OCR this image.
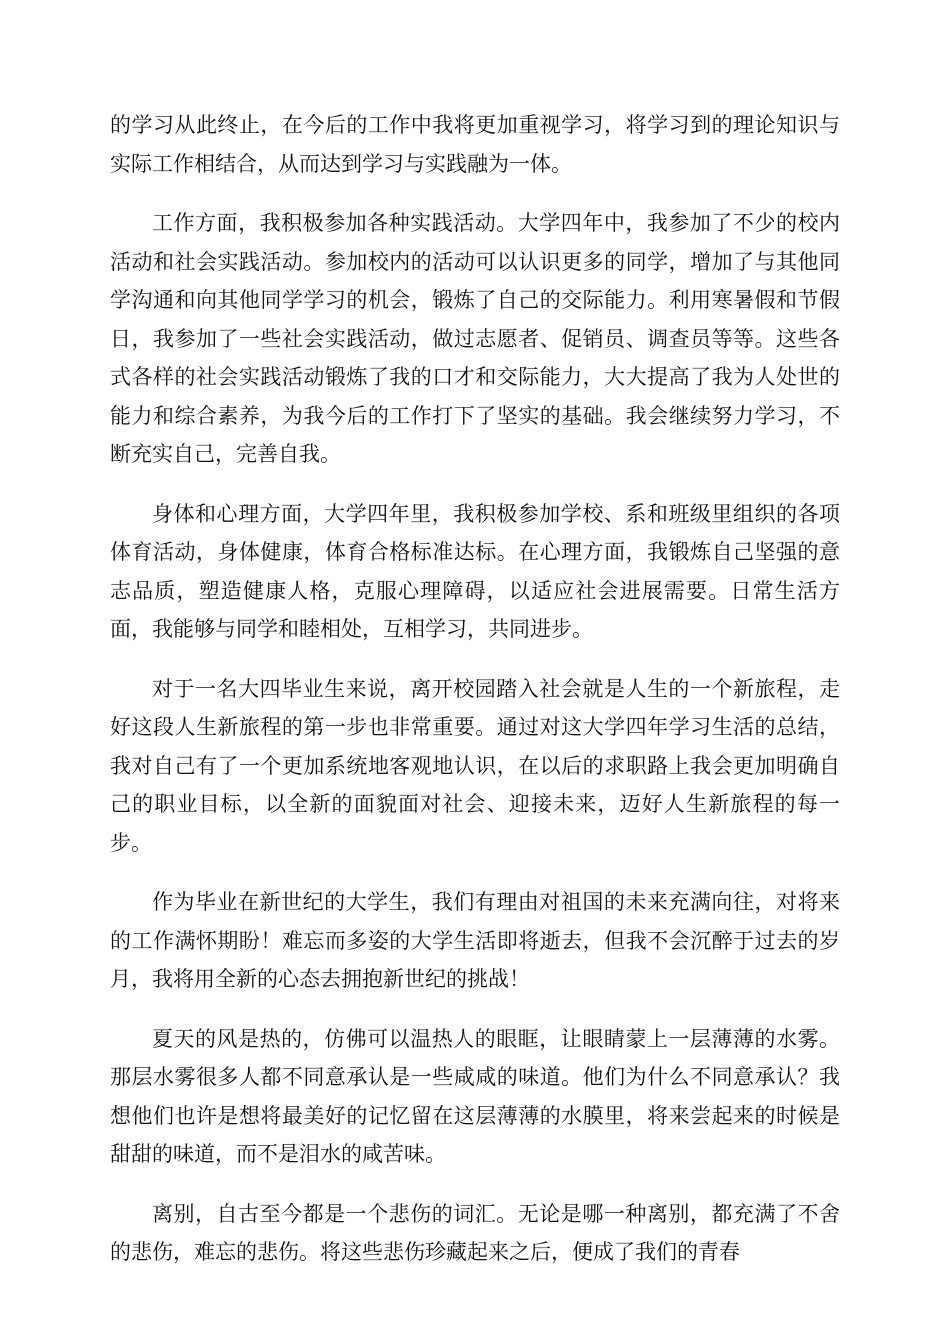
的学习从此终止，在今后的工作中我将更加重视学习，将学习到的理论知识与实际工作相结合，从而达到学习与实践融为一体。

工作方面，我积极参加各种实践活动。大学四年中，我参加了不少的校内活动和社会实践活动。参加校内的活动可以认识更多的同学，增加了与其他同学沟通和向其他同学学习的机会，锻炼了自己的交际能力。利用寒暑假和节假日，我参加了一些社会实践活动，做过志愿者、促销员、调查员等等。这些各式各样的社会实践活动锻炼了我的口才和交际能力，大大提高了我为人处世的能力和综合素养，为我今后的工作打下了坚实的基础。我会继续努力学习，不断充实自己，完善自我。

身体和心理方面，大学四年里，我积极参加学校、系和班级里组织的各项体育活动，身体健康，体育合格标准达标。在心理方面，我锻炼自己坚强的意志品质，塑造健康人格，克服心理障碍，以适应社会进展需要。日常生活方面，我能够与同学和睦相处，互相学习，共同进步。

对于一名大四毕业生来说，离开校园踏入社会就是人生的一个新旅程，走好这段人生新旅程的第一步也非常重要。通过对这大学四年学习生活的总结，我对自己有了一个更加系统地客观地认识，在以后的求职路上我会更加明确自己的职业目标，以全新的面貌面对社会、迎接未来，迈好人生新旅程的每一步。

作为毕业在新世纪的大学生，我们有理由对祖国的未来充满向往，对将来的工作满怀期盼！难忘而多姿的大学生活即将逝去，但我不会沉醉于过去的岁月，我将用全新的心态去拥抱新世纪的挑战！

夏天的风是热的，仿佛可以温热人的眼眶，让眼睛蒙上一层薄薄的水雾。那层水雾很多人都不同意承认是一些咸咸的味道。他们为什么不同意承认？我想他们也许是想将最美好的记忆留在这层薄薄的水膜里，将来尝起来的时候是甜甜的味道，而不是泪水的咸苦味。

离别，自古至今都是一个悲伤的词汇。无论是哪一种离别，都充满了不舍的悲伤，难忘的悲伤。将这些悲伤珍藏起来之后，便成了我们的青春
